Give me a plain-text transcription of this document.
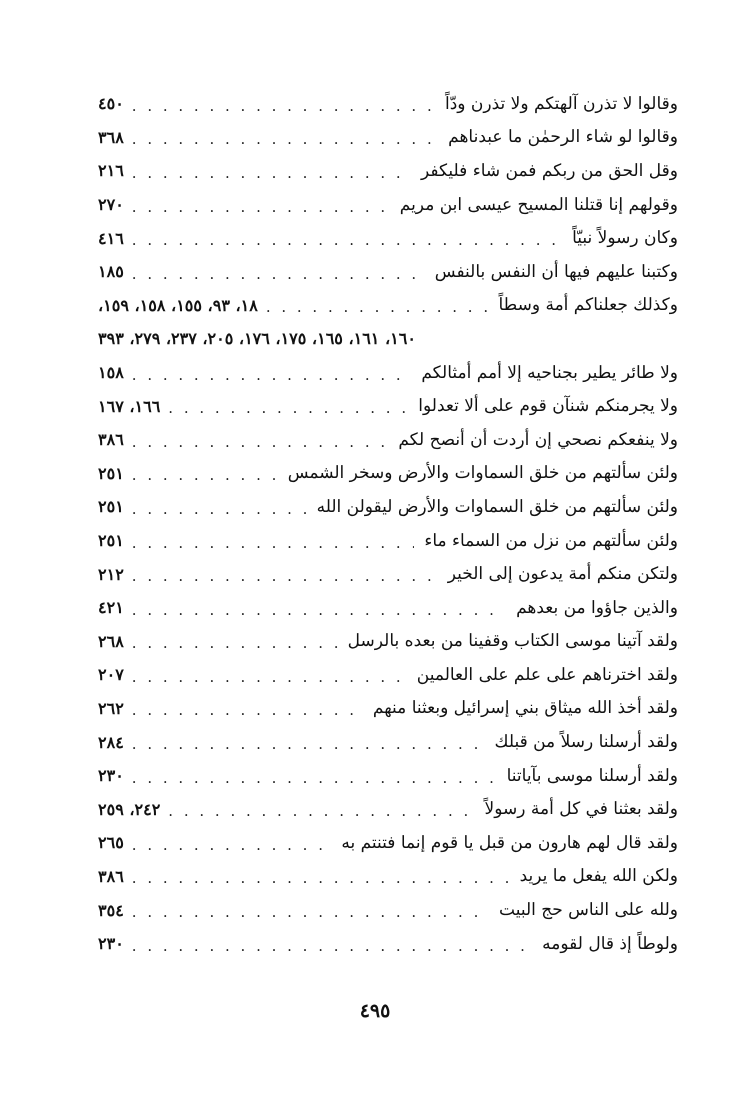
وقالوا لا تذرن آلهتكم ولا تذرن ودّاً
. . .
٤٥٠
وقالوا لو شاء الرحمٰن ما عبدناهم
. . .
٣٦٨
وقل الحق من ربكم فمن شاء فليكفر
. . .
٢١٦
وقولهم إنا قتلنا المسيح عيسى ابن مريم
. . .
٢٧٠
وكان رسولاً نبيّاً
. . .
٤١٦
وكتبنا عليهم فيها أن النفس بالنفس
. . .
١٨٥
وكذلك جعلناكم أمة وسطاً
. . .
١٨، ٩٣، ١٥٥، ١٥٨، ١٥٩،
١٦٠، ١٦١، ١٦٥، ١٧٥، ١٧٦، ٢٠٥، ٢٣٧، ٢٧٩، ٣٩٣
ولا طائر يطير بجناحيه إلا أمم أمثالكم
. . .
١٥٨
ولا يجرمنكم شنآن قوم على ألا تعدلوا
. . .
١٦٦، ١٦٧
ولا ينفعكم نصحي إن أردت أن أنصح لكم
. . .
٣٨٦
ولئن سألتهم من خلق السماوات والأرض وسخر الشمس
. . .
٢٥١
ولئن سألتهم من خلق السماوات والأرض ليقولن الله
. . .
٢٥١
ولئن سألتهم من نزل من السماء ماء
. . .
٢٥١
ولتكن منكم أمة يدعون إلى الخير
. . .
٢١٢
والذين جاؤوا من بعدهم
. . .
٤٢١
ولقد آتينا موسى الكتاب وقفينا من بعده بالرسل
. . .
٢٦٨
ولقد اخترناهم على علم على العالمين
. . .
٢٠٧
ولقد أخذ الله ميثاق بني إسرائيل وبعثنا منهم
. . .
٢٦٢
ولقد أرسلنا رسلاً من قبلك
. . .
٢٨٤
ولقد أرسلنا موسى بآياتنا
. . .
٢٣٠
ولقد بعثنا في كل أمة رسولاً
. . .
٢٤٢، ٢٥٩
ولقد قال لهم هارون من قبل يا قوم إنما فتنتم به
. . .
٢٦٥
ولكن الله يفعل ما يريد
. . .
٣٨٦
ولله على الناس حج البيت
. . .
٣٥٤
ولوطاً إذ قال لقومه
. . .
٢٣٠
٤٩٥
